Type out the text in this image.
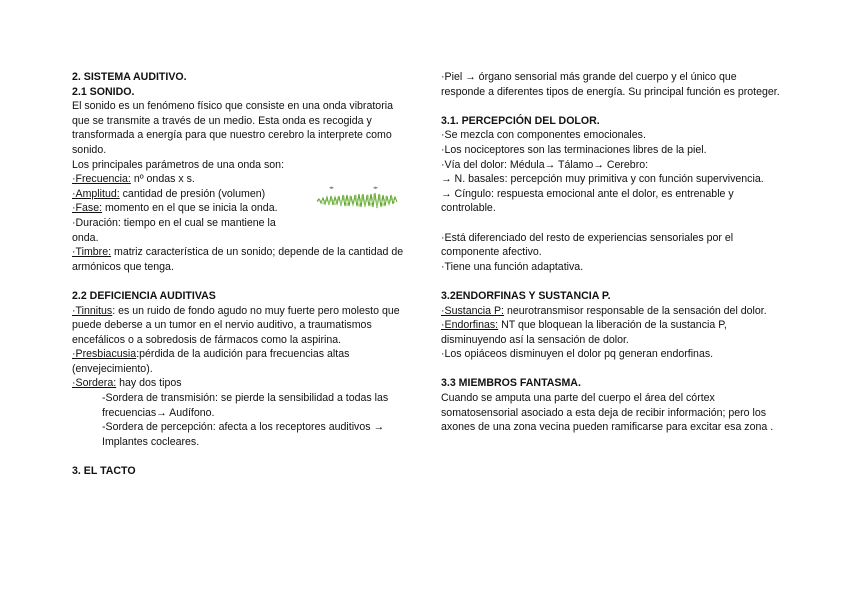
2. SISTEMA AUDITIVO.

2.1 SONIDO.

El sonido es un fenómeno físico que consiste en una onda vibratoria que se transmite a través de un medio. Esta onda es recogida y transformada a energía para que nuestro cerebro la interprete como sonido.

Los principales parámetros de una onda son:

·Frecuencia: nº ondas x s.

·Amplitud: cantidad de presión (volumen)	◂▸	◂▸

·Fase: momento en el que se inicia la onda.

·Duración: tiempo en el cual se mantiene la onda.

·Timbre: matriz característica de un sonido; depende de la cantidad de armónicos que tenga.

2.2 DEFICIENCIA AUDITIVAS

·Tinnitus: es un ruido de fondo agudo no muy fuerte pero molesto que puede deberse a un tumor en el nervio auditivo, a traumatismos encefálicos o a sobredosis de fármacos como la aspirina.

·Presbiacusia:pérdida de la audición para frecuencias altas (envejecimiento).

·Sordera: hay dos tipos

-Sordera de transmisión: se pierde la sensibilidad a todas las frecuencias→ Audífono.

-Sordera de percepción: afecta a los receptores auditivos → Implantes cocleares.

3. EL TACTO

·Piel → órgano sensorial más grande del cuerpo y el único que responde a diferentes tipos de energía. Su principal función es proteger.

3.1. PERCEPCIÓN DEL DOLOR.

·Se mezcla con componentes emocionales.

·Los nociceptores son las terminaciones libres de la piel.

·Vía del dolor: Médula→ Tálamo→ Cerebro:

→ N. basales: percepción muy primitiva y con función supervivencia.

→ Cíngulo: respuesta emocional ante el dolor, es entrenable y controlable.

·Está diferenciado del resto de experiencias sensoriales por el componente afectivo.

·Tiene una función adaptativa.

3.2ENDORFINAS Y SUSTANCIA P.

·Sustancia P: neurotransmisor responsable de la sensación del dolor.

·Endorfinas: NT que bloquean la liberación de la sustancia P, disminuyendo así la sensación de dolor.

·Los opiáceos disminuyen el dolor pq generan endorfinas.

3.3 MIEMBROS FANTASMA.

Cuando se amputa una parte del cuerpo el área del córtex somatosensorial asociado a esta deja de recibir información; pero los axones de una zona vecina pueden ramificarse para excitar esa zona .
